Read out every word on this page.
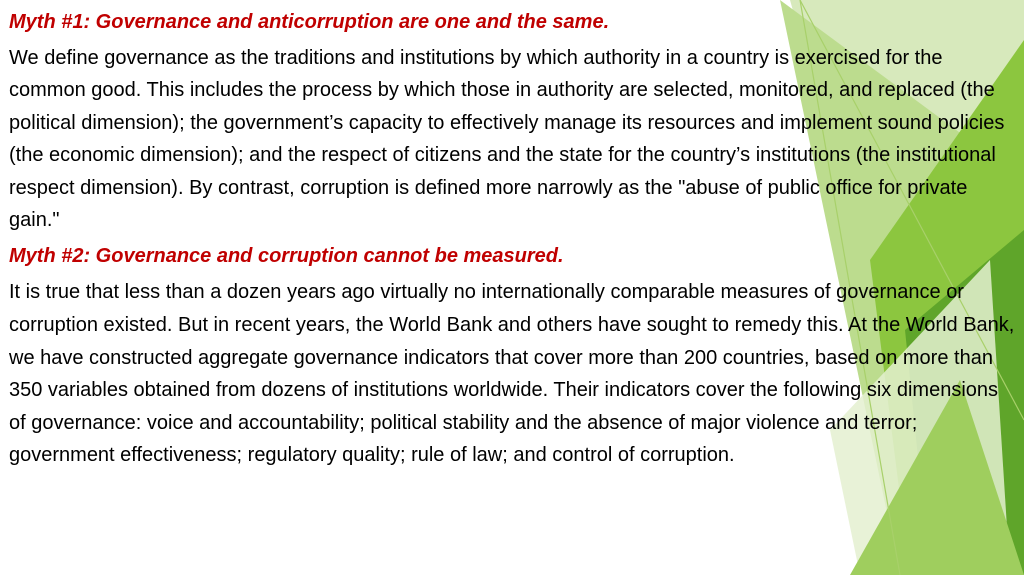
Myth #1: Governance and anticorruption are one and the same.
We define governance as the traditions and institutions by which authority in a country is exercised for the common good. This includes the process by which those in authority are selected, monitored, and replaced (the political dimension); the government’s capacity to effectively manage its resources and implement sound policies (the economic dimension); and the respect of citizens and the state for the country’s institutions (the institutional respect dimension). By contrast, corruption is defined more narrowly as the "abuse of public office for private gain."
Myth #2: Governance and corruption cannot be measured.
It is true that less than a dozen years ago virtually no internationally comparable measures of governance or corruption existed. But in recent years, the World Bank and others have sought to remedy this. At the World Bank, we have constructed aggregate governance indicators that cover more than 200 countries, based on more than 350 variables obtained from dozens of institutions worldwide. Their indicators cover the following six dimensions of governance: voice and accountability; political stability and the absence of major violence and terror; government effectiveness; regulatory quality; rule of law; and control of corruption.
